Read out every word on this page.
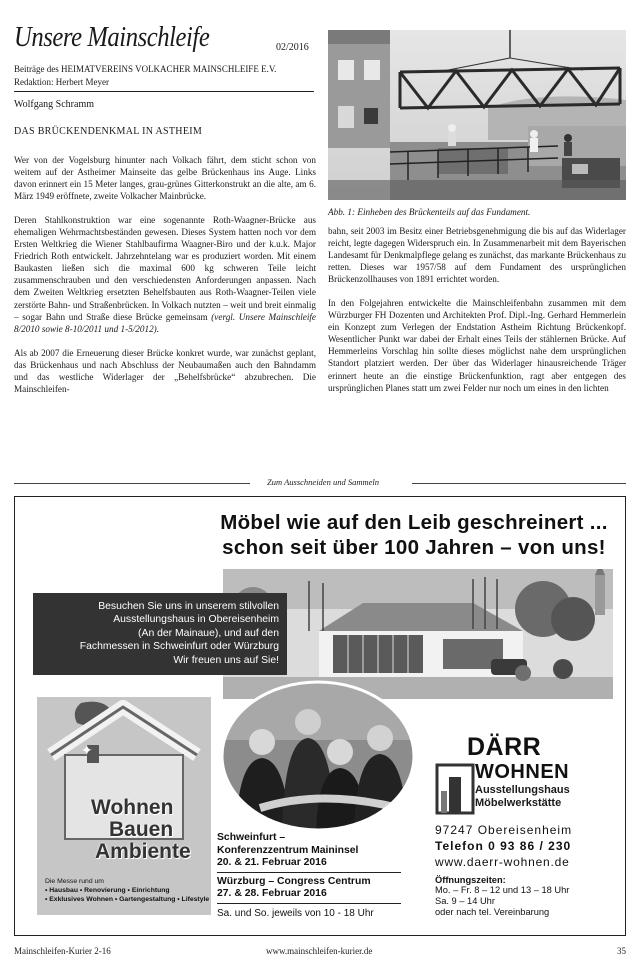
Unsere Mainschleife	02/2016
Beiträge des HEIMATVEREINS VOLKACHER MAINSCHLEIFE E.V.
Redaktion: Herbert Meyer
Wolfgang Schramm
DAS BRÜCKENDENKMAL IN ASTHEIM

Wer von der Vogelsburg hinunter nach Volkach fährt, dem sticht schon von weitem auf der Astheimer Mainseite das gelbe Brückenhaus ins Auge. Links davon erinnert ein 15 Meter langes, grau-grünes Gitterkonstrukt an die alte, am 6. März 1949 eröffnete, zweite Volkacher Mainbrücke.

Deren Stahlkonstruktion war eine sogenannte Roth-Waagner-Brücke aus ehemaligen Wehrmachtsbeständen gewesen. Dieses System hatten noch vor dem Ersten Weltkrieg die Wiener Stahlbaufirma Waagner-Biro und der k.u.k. Major Friedrich Roth entwickelt. Jahrzehntelang war es produziert worden. Mit einem Baukasten ließen sich die maximal 600 kg schweren Teile leicht zusammenschrauben und den verschiedensten Anforderungen anpassen. Nach dem Zweiten Weltkrieg ersetzten Behelfsbauten aus Roth-Waagner-Teilen viele zerstörte Bahn- und Straßenbrücken. In Volkach nutzten – weit und breit einmalig – sogar Bahn und Straße diese Brücke gemeinsam (vergl. Unsere Mainschleife 8/2010 sowie 8-10/2011 und 1-5/2012).

Als ab 2007 die Erneuerung dieser Brücke konkret wurde, war zunächst geplant, das Brückenhaus und nach Abschluss der Neubaumaßen auch den Bahndamm und das westliche Widerlager der „Behelfsbrücke“ abzubrechen. Die Mainschleifen-

Abb. 1: Einheben des Brückenteils auf das Fundament.

bahn, seit 2003 im Besitz einer Betriebsgenehmigung die bis auf das Widerlager reicht, legte dagegen Widerspruch ein. In Zusammenarbeit mit dem Bayerischen Landesamt für Denkmalpflege gelang es zunächst, das markante Brückenhaus zu retten. Dieses war 1957/58 auf dem Fundament des ursprünglichen Brückenzollhauses von 1891 errichtet worden.

In den Folgejahren entwickelte die Mainschleifenbahn zusammen mit dem Würzburger FH Dozenten und Architekten Prof. Dipl.-Ing. Gerhard Hemmerlein ein Konzept zum Verlegen der Endstation Astheim Richtung Brückenkopf. Wesentlicher Punkt war dabei der Erhalt eines Teils der stählernen Brücke. Auf Hemmerleins Vorschlag hin sollte dieses möglichst nahe dem ursprünglichen Standort platziert werden. Der über das Widerlager hinausreichende Träger erinnert heute an die einstige Brückenfunktion, ragt aber entgegen des ursprünglichen Planes statt um zwei Felder nur noch um eines in den lichten

Zum Ausschneiden und Sammeln
Möbel wie auf den Leib geschreinert ...
schon seit über 100 Jahren – von uns!
Besuchen Sie uns in unserem stilvollen
Ausstellungshaus in Obereisenheim
(An der Mainaue), und auf den
Fachmessen in Schweinfurt oder Würzburg
Wir freuen uns auf Sie!
✦
Wohnen
Bauen
Ambiente
Die Messe rund um
• Hausbau • Renovierung • Einrichtung
• Exklusives Wohnen • Gartengestaltung • Lifestyle
Schweinfurt –
Konferenzzentrum Maininsel
20. & 21. Februar 2016
Würzburg – Congress Centrum
27. & 28. Februar 2016
Sa. und So. jeweils von 10 - 18 Uhr
DÄRR
WOHNEN
Ausstellungshaus
Möbelwerkstätte
97247 Obereisenheim
Telefon 0 93 86 / 230
www.daerr-wohnen.de
Öffnungszeiten:
Mo. – Fr. 8 – 12 und 13 – 18 Uhr
Sa. 9 – 14 Uhr
oder nach tel. Vereinbarung
Mainschleifen-Kurier 2-16	www.mainschleifen-kurier.de	35
